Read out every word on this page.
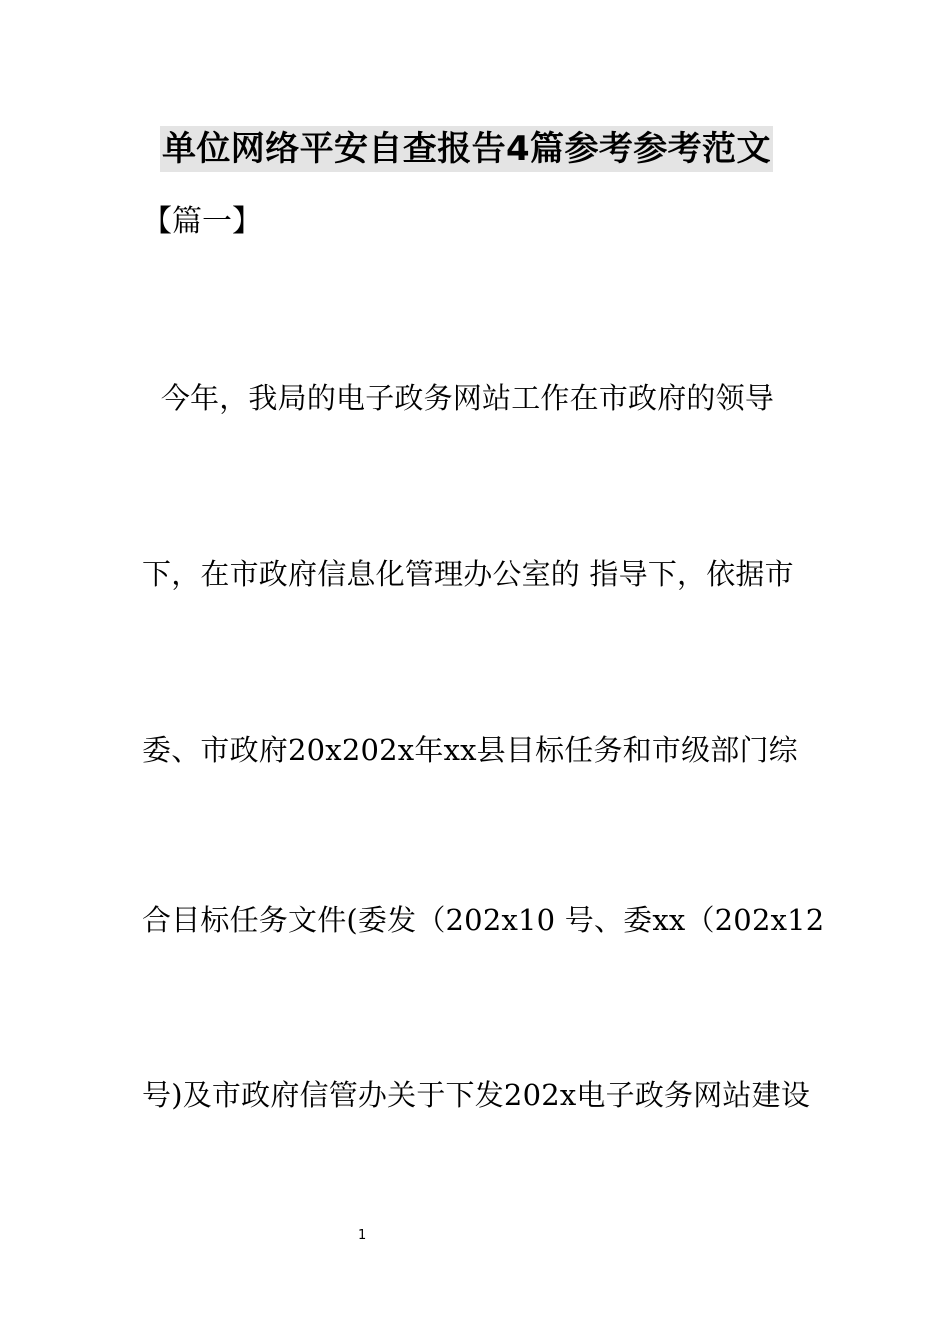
单位网络平安自查报告4篇参考参考范文
【篇一】
今年，我局的电子政务网站工作在市政府的领导
下，在市政府信息化管理办公室的 指导下，依据市
委、市政府20x202x年xx县目标任务和市级部门综
合目标任务文件(委发（202x10 号、委xx（202x12
号)及市政府信管办关于下发202x电子政务网站建设
1
